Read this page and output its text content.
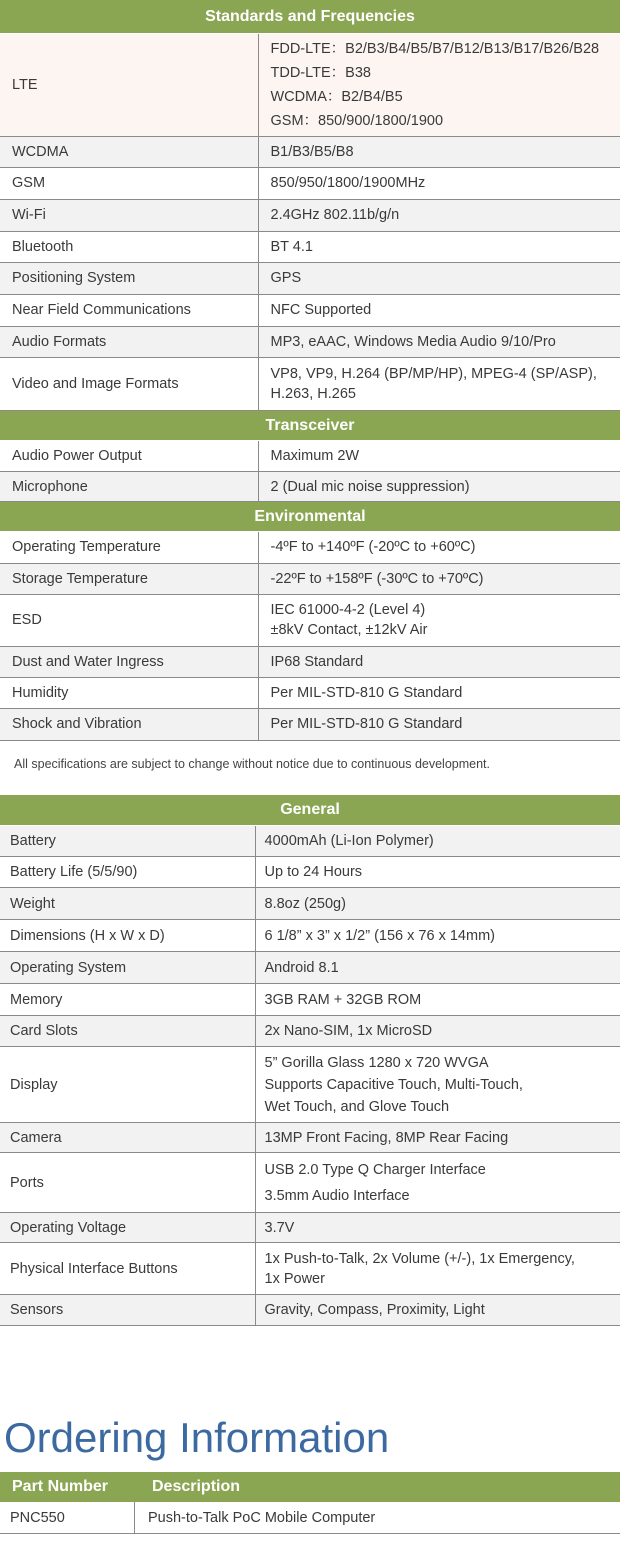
Standards and Frequencies
LTE	FDD-LTE：B2/B3/B4/B5/B7/B12/B13/B17/B26/B28
TDD-LTE：B38
WCDMA：B2/B4/B5
GSM：850/900/1800/1900

WCDMA	B1/B3/B5/B8
GSM	850/950/1800/1900MHz
Wi-Fi	2.4GHz 802.11b/g/n
Bluetooth	BT 4.1
Positioning System	GPS
Near Field Communications	NFC Supported
Audio Formats	MP3, eAAC, Windows Media Audio 9/10/Pro
Video and Image Formats	VP8, VP9, H.264 (BP/MP/HP), MPEG-4 (SP/ASP),
H.263, H.265
Transceiver
Audio Power Output	Maximum 2W
Microphone	2 (Dual mic noise suppression)
Environmental
Operating Temperature	-4ºF to +140ºF (-20ºC to +60ºC)
Storage Temperature	-22ºF to +158ºF (-30ºC to +70ºC)
ESD	IEC 61000-4-2 (Level 4)
±8kV Contact, ±12kV Air

Dust and Water Ingress	IP68 Standard
Humidity	Per MIL-STD-810 G Standard
Shock and Vibration	Per MIL-STD-810 G Standard
All specifications are subject to change without notice due to continuous development.
General
Battery	4000mAh (Li-Ion Polymer)
Battery Life (5/5/90)	Up to 24 Hours
Weight	8.8oz (250g)
Dimensions (H x W x D)	6 1/8” x 3” x 1/2” (156 x 76 x 14mm)
Operating System	Android 8.1
Memory	3GB RAM + 32GB ROM
Card Slots	2x Nano-SIM, 1x MicroSD
Display	5” Gorilla Glass 1280 x 720 WVGA
Supports Capacitive Touch, Multi-Touch,
Wet Touch, and Glove Touch

Camera	13MP Front Facing, 8MP Rear Facing
Ports	USB 2.0 Type Q Charger Interface
3.5mm Audio Interface

Operating Voltage	3.7V
Physical Interface Buttons	1x Push-to-Talk, 2x Volume (+/-), 1x Emergency,
1x Power

Sensors	Gravity, Compass, Proximity, Light
Ordering Information
Part Number	Description
PNC550	Push-to-Talk PoC Mobile Computer
